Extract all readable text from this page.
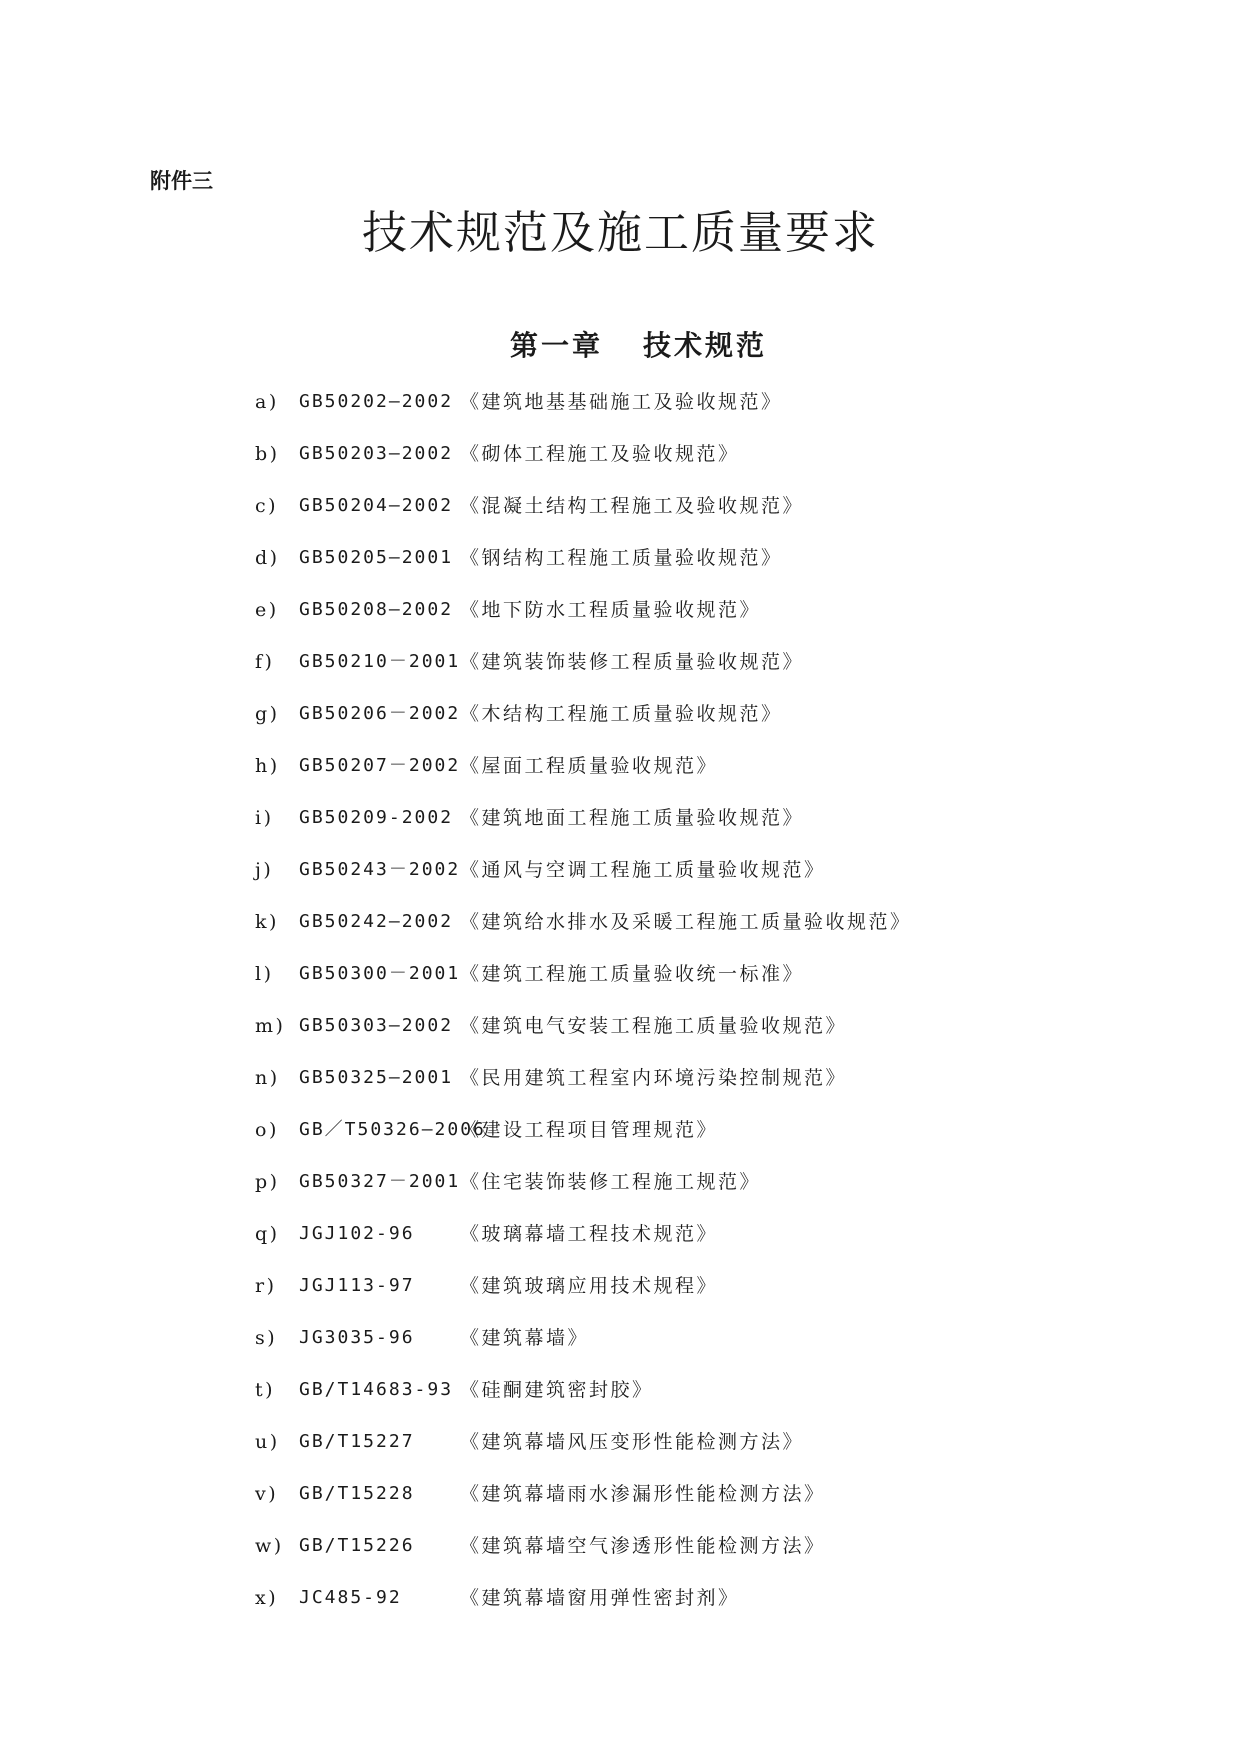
附件三
技术规范及施工质量要求
第一章 技术规范
a) GB50202—2002 《建筑地基基础施工及验收规范》
b) GB50203—2002 《砌体工程施工及验收规范》
c) GB50204—2002 《混凝土结构工程施工及验收规范》
d) GB50205—2001 《钢结构工程施工质量验收规范》
e) GB50208—2002 《地下防水工程质量验收规范》
f) GB50210－2001 《建筑装饰装修工程质量验收规范》
g) GB50206－2002 《木结构工程施工质量验收规范》
h) GB50207－2002 《屋面工程质量验收规范》
i) GB50209-2002 《建筑地面工程施工质量验收规范》
j) GB50243－2002 《通风与空调工程施工质量验收规范》
k) GB50242—2002 《建筑给水排水及采暖工程施工质量验收规范》
l) GB50300－2001 《建筑工程施工质量验收统一标准》
m) GB50303—2002 《建筑电气安装工程施工质量验收规范》
n) GB50325—2001 《民用建筑工程室内环境污染控制规范》
o) GB／T50326—2006
《建设工程项目管理规范》
p) GB50327－2001 《住宅装饰装修工程施工规范》
q) JGJ102-96 《玻璃幕墙工程技术规范》
r) JGJ113-97 《建筑玻璃应用技术规程》
s) JG3035-96 《建筑幕墙》
t) GB/T14683-93 《硅酮建筑密封胶》
u) GB/T15227 《建筑幕墙风压变形性能检测方法》
v) GB/T15228 《建筑幕墙雨水渗漏形性能检测方法》
w) GB/T15226 《建筑幕墙空气渗透形性能检测方法》
x) JC485-92	《建筑幕墙窗用弹性密封剂》
